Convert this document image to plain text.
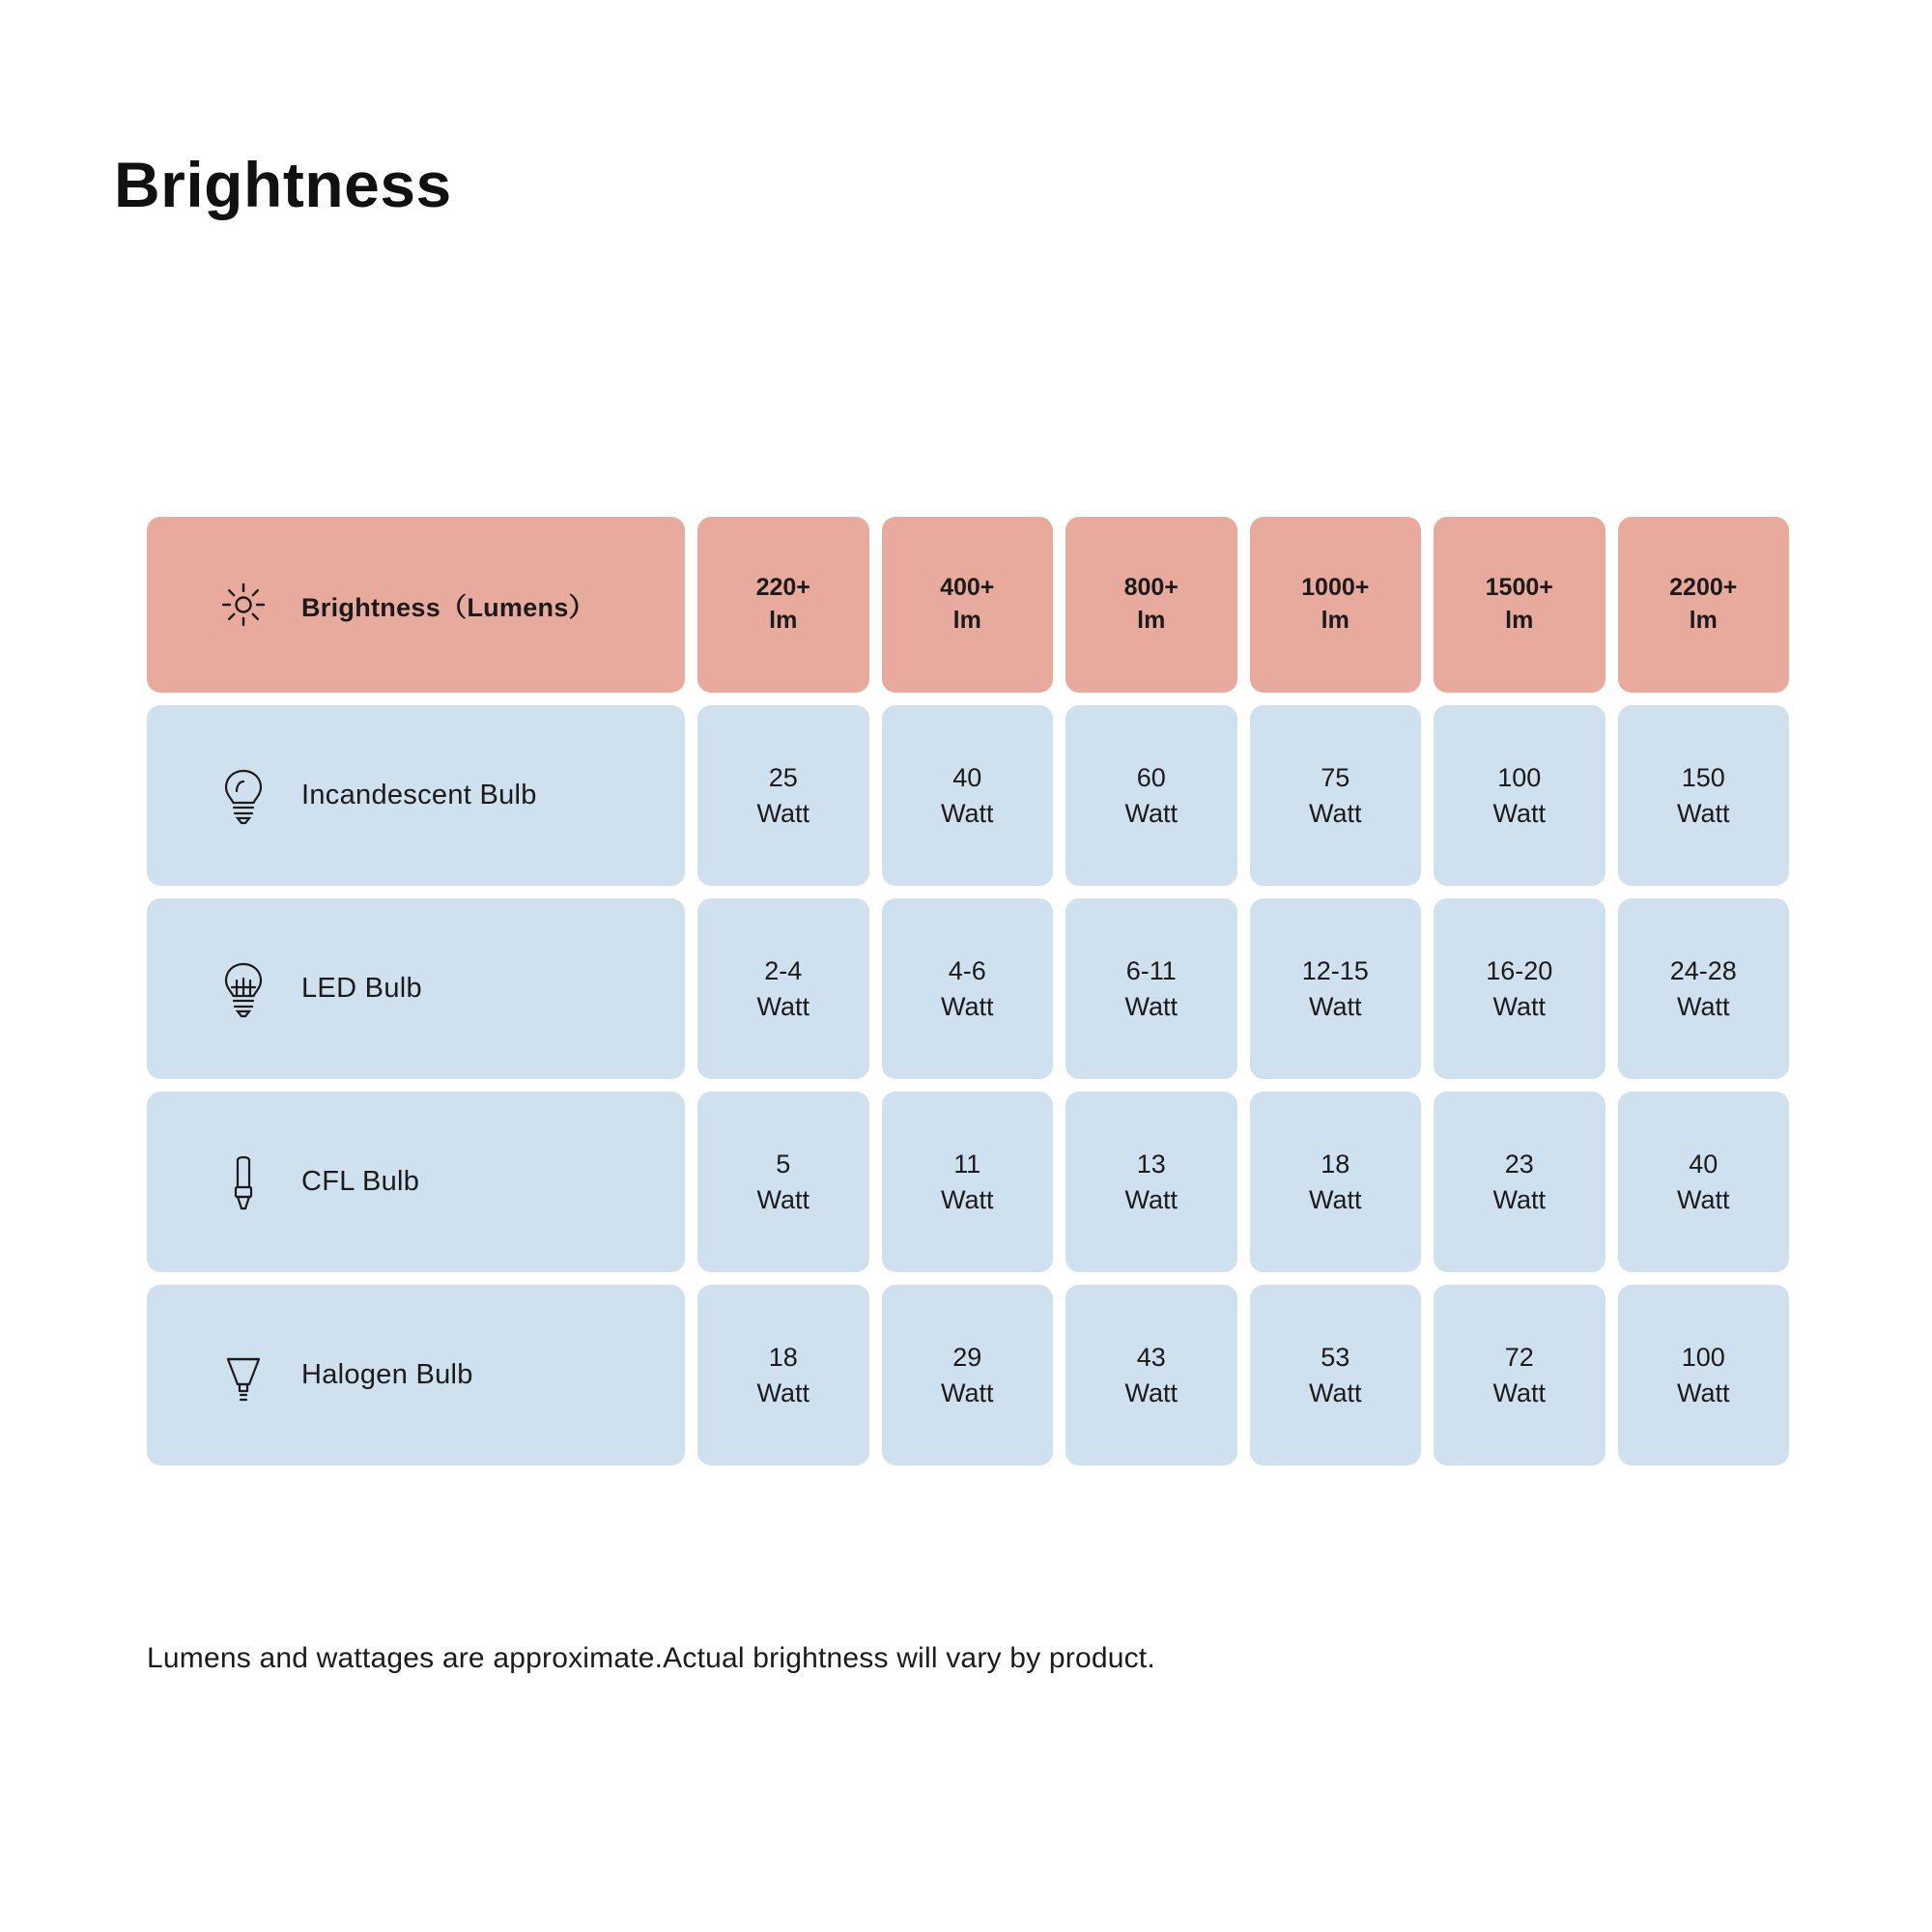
Brightness
Brightness（Lumens）
220+
lm
400+
lm
800+
lm
1000+
lm
1500+
lm
2200+
lm
Incandescent Bulb
25
Watt
40
Watt
60
Watt
75
Watt
100
Watt
150
Watt
LED Bulb
2-4
Watt
4-6
Watt
6-11
Watt
12-15
Watt
16-20
Watt
24-28
Watt
CFL Bulb
5
Watt
11
Watt
13
Watt
18
Watt
23
Watt
40
Watt
Halogen Bulb
18
Watt
29
Watt
43
Watt
53
Watt
72
Watt
100
Watt
Lumens and wattages are approximate.Actual brightness will vary by product.
